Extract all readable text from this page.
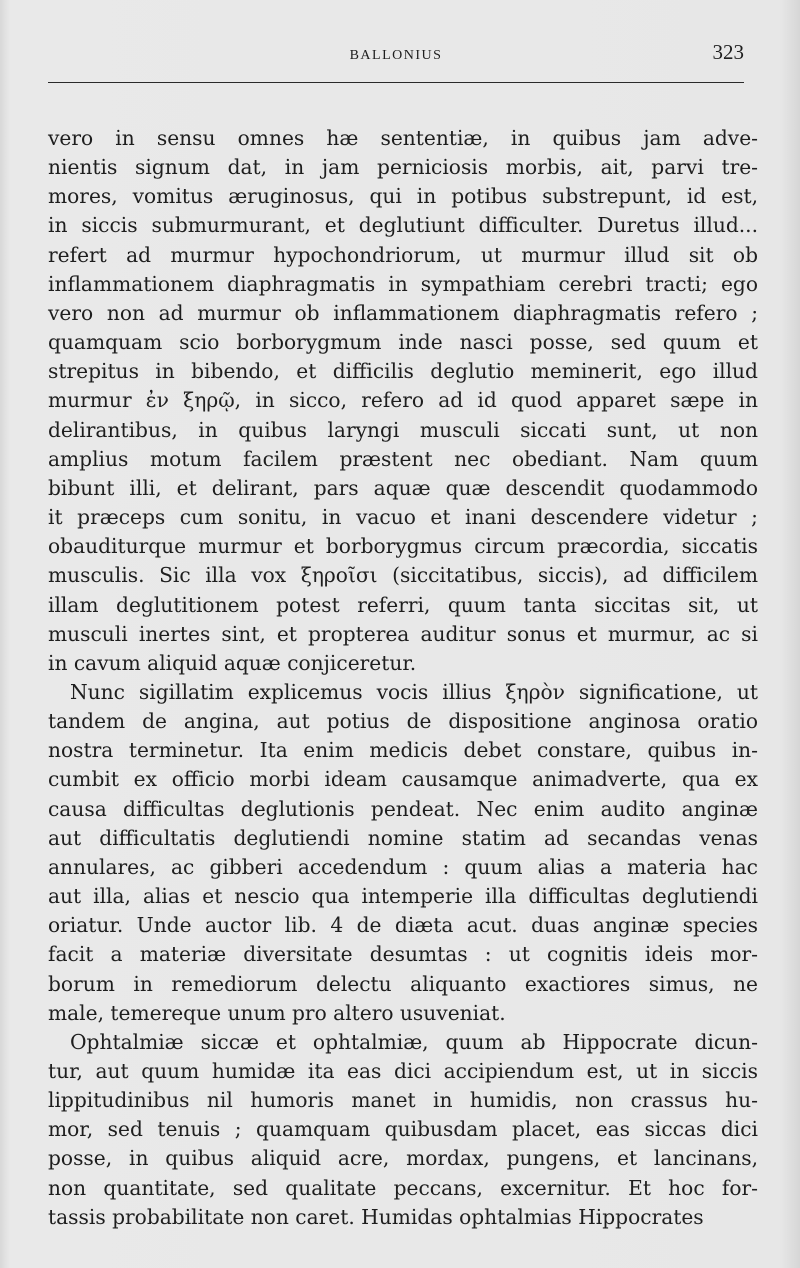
BALLONIUS	323
vero in sensu omnes hæ sententiæ, in quibus jam adve-
nientis signum dat, in jam perniciosis morbis, ait, parvi tre-
mores, vomitus æruginosus, qui in potibus substrepunt, id est,
in siccis submurmurant, et deglutiunt difficulter. Duretus illud...
refert ad murmur hypochondriorum, ut murmur illud sit ob
inflammationem diaphragmatis in sympathiam cerebri tracti; ego
vero non ad murmur ob inflammationem diaphragmatis refero ;
quamquam scio borborygmum inde nasci posse, sed quum et
strepitus in bibendo, et difficilis deglutio meminerit, ego illud
murmur ἐν ξηρῷ, in sicco, refero ad id quod apparet sæpe in
delirantibus, in quibus laryngi musculi siccati sunt, ut non
amplius motum facilem præstent nec obediant. Nam quum
bibunt illi, et delirant, pars aquæ quæ descendit quodammodo
it præceps cum sonitu, in vacuo et inani descendere videtur ;
obauditurque murmur et borborygmus circum præcordia, siccatis
musculis. Sic illa vox ξηροῖσι (siccitatibus, siccis), ad difficilem
illam deglutitionem potest referri, quum tanta siccitas sit, ut
musculi inertes sint, et propterea auditur sonus et murmur, ac si
in cavum aliquid aquæ conjiceretur.
Nunc sigillatim explicemus vocis illius ξηρὸν significatione, ut
tandem de angina, aut potius de dispositione anginosa oratio
nostra terminetur. Ita enim medicis debet constare, quibus in-
cumbit ex officio morbi ideam causamque animadverte, qua ex
causa difficultas deglutionis pendeat. Nec enim audito anginæ
aut difficultatis deglutiendi nomine statim ad secandas venas
annulares, ac gibberi accedendum : quum alias a materia hac
aut illa, alias et nescio qua intemperie illa difficultas deglutiendi
oriatur. Unde auctor lib. 4 de diæta acut. duas anginæ species
facit a materiæ diversitate desumtas : ut cognitis ideis mor-
borum in remediorum delectu aliquanto exactiores simus, ne
male, temereque unum pro altero usuveniat.
Ophtalmiæ siccæ et ophtalmiæ, quum ab Hippocrate dicun-
tur, aut quum humidæ ita eas dici accipiendum est, ut in siccis
lippitudinibus nil humoris manet in humidis, non crassus hu-
mor, sed tenuis ; quamquam quibusdam placet, eas siccas dici
posse, in quibus aliquid acre, mordax, pungens, et lancinans,
non quantitate, sed qualitate peccans, excernitur. Et hoc for-
tassis probabilitate non caret. Humidas ophtalmias Hippocrates
